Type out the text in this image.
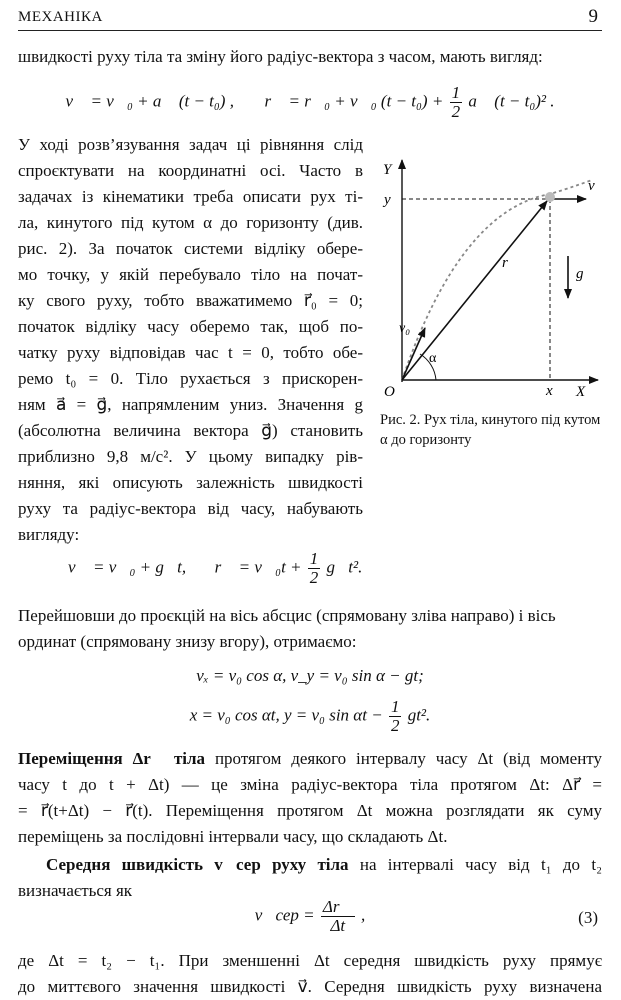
МЕХАНІКА	9

швидкості руху тіла та зміну його радіус-вектора з часом, мають вигляд:

v⃗ = v⃗₀ + a⃗ (t − t₀) , r⃗ = r⃗₀ + v⃗₀ $(t - t_0) + \frac{1}{2}$ a⃗ (t − t₀)² .

У ході розв’язування задач ці рівняння слід

спроєктувати на координатні осі. Часто в

задачах із кінематики треба описати рух ті-

ла, кинутого під кутом α до горизонту (див.

рис. 2). За початок системи відліку обере-

мо точку, у якій перебувало тіло на почат-

ку свого руху, тобто вважатимемо r⃗₀ = 0;

початок відліку часу оберемо так, щоб по-

чатку руху відповідав час t = 0, тобто обе-

ремо t₀ = 0. Тіло рухається з прискорен-

ням a⃗ = g⃗, напрямленим униз. Значення g

(абсолютна величина вектора g⃗) становить

приблизно 9,8 м/с². У цьому випадку рів-

няння, які описують залежність швидкості

руху та радіус-вектора від часу, набувають

вигляду:

Y
y
v⃗
r⃗
g⃗
v₀
α
O	x X
Рис. 2. Рух тіла, кинутого під кутом α до горизонту
v⃗ = v⃗₀ + g⃗t, r⃗ = v⃗₀t + $\frac{1}{2}$ g⃗t².

Перейшовши до проєкцій на вісь абсцис (спрямовану зліва направо) і вісь

ординат (спрямовану знизу вгору), отримаємо:

vₓ = v₀ cos α, v_y = v₀ sin α − gt;
x = v₀ cos αt, y = v₀ $\sin \alpha t - \frac{1}{2} gt^2$.

Переміщення Δr⃗ тіла протягом деякого інтервалу часу Δt (від моменту

часу t до t + Δt) — це зміна радіус-вектора тіла протягом Δt: Δr⃗ =

= r⃗(t+Δt) − r⃗(t). Переміщення протягом Δt можна розглядати як суму

переміщень за послідовні інтервали часу, що складають Δt.

Середня швидкість v⃗сер руху тіла на інтервалі часу від t₁ до t₂

визначається як

v⃗сер = $\frac{\Delta r⃗}{\Delta t}$ ,	(3)

де Δt = t₂ − t₁. При зменшенні Δt середня швидкість руху прямує

до миттєвого значення швидкості v⃗. Середня швидкість руху визначена
